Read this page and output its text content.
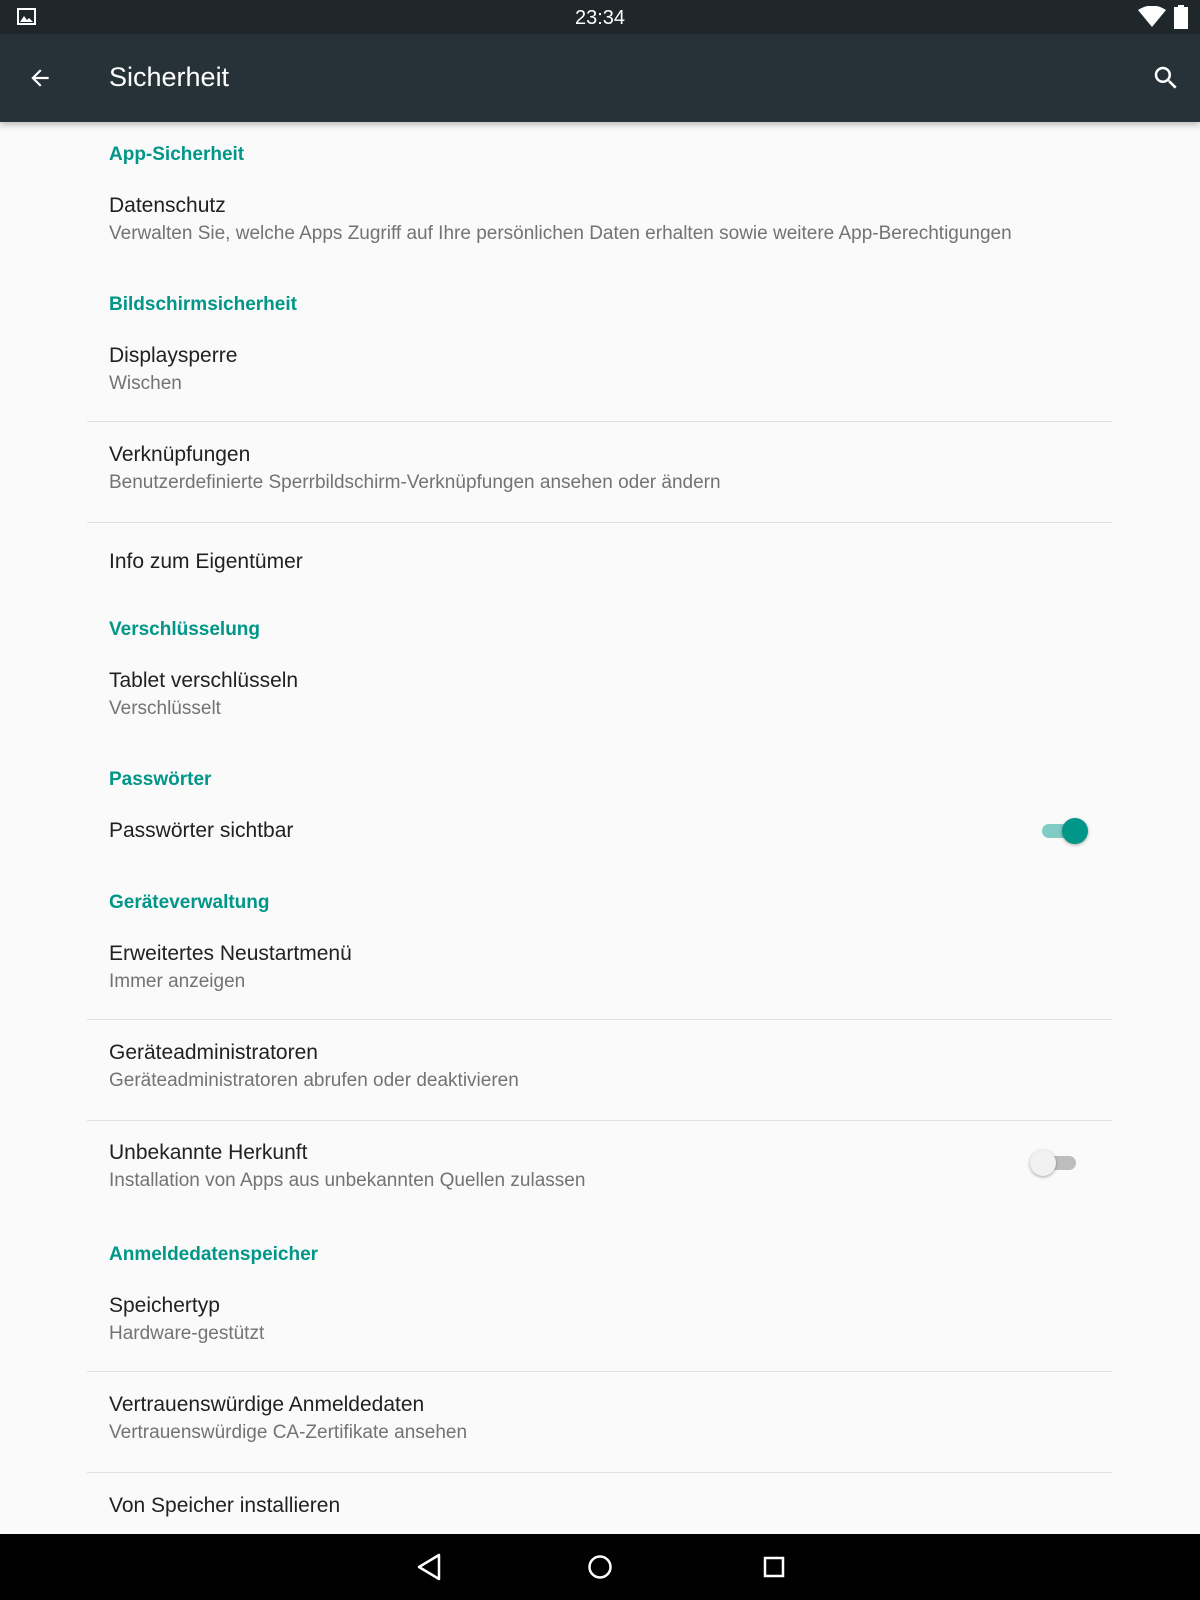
23:34
Sicherheit
App-Sicherheit
Datenschutz
Verwalten Sie, welche Apps Zugriff auf Ihre persönlichen Daten erhalten sowie weitere App-Berechtigungen
Bildschirmsicherheit
Displaysperre
Wischen
Verknüpfungen
Benutzerdefinierte Sperrbildschirm-Verknüpfungen ansehen oder ändern
Info zum Eigentümer
Verschlüsselung
Tablet verschlüsseln
Verschlüsselt
Passwörter
Passwörter sichtbar
Geräteverwaltung
Erweitertes Neustartmenü
Immer anzeigen
Geräteadministratoren
Geräteadministratoren abrufen oder deaktivieren
Unbekannte Herkunft
Installation von Apps aus unbekannten Quellen zulassen
Anmeldedatenspeicher
Speichertyp
Hardware-gestützt
Vertrauenswürdige Anmeldedaten
Vertrauenswürdige CA-Zertifikate ansehen
Von Speicher installieren
